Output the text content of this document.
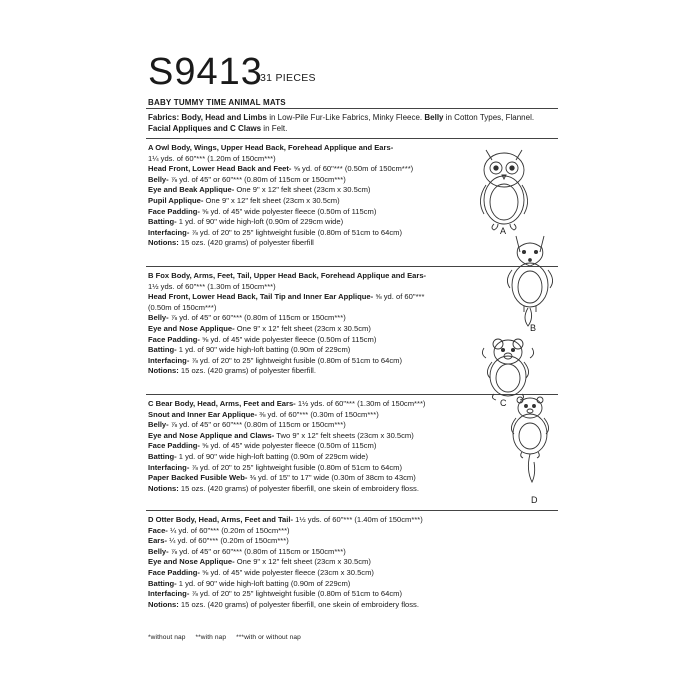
S9413
31 PIECES
BABY TUMMY TIME ANIMAL MATS
Fabrics: Body, Head and Limbs in Low-Pile Fur-Like Fabrics, Minky Fleece. Belly in Cotton Types, Flannel. Facial Appliques and C Claws in Felt.
A Owl Body, Wings, Upper Head Back, Forehead Applique and Ears-
1¼ yds. of 60"*** (1.20m of 150cm***)
Head Front, Lower Head Back and Feet- ⅝ yd. of 60"*** (0.50m of 150cm***)
Belly- ⅞ yd. of 45" or 60"*** (0.80m of 115cm or 150cm***)
Eye and Beak Applique- One 9" x 12" felt sheet (23cm x 30.5cm)
Pupil Applique- One 9" x 12" felt sheet (23cm x 30.5cm)
Face Padding- ⅝ yd. of 45" wide polyester fleece (0.50m of 115cm)
Batting- 1 yd. of 90" wide high-loft (0.90m of 229cm wide)
Interfacing- ⅞ yd. of 20" to 25" lightweight fusible (0.80m of 51cm to 64cm)
Notions: 15 ozs. (420 grams) of polyester fiberfill
B Fox Body, Arms, Feet, Tail, Upper Head Back, Forehead Applique and Ears-
1½ yds. of 60"*** (1.30m of 150cm***)
Head Front, Lower Head Back, Tail Tip and Inner Ear Applique- ⅝ yd. of 60"***
(0.50m of 150cm***)
Belly- ⅞ yd. of 45" or 60"*** (0.80m of 115cm or 150cm***)
Eye and Nose Applique- One 9" x 12" felt sheet (23cm x 30.5cm)
Face Padding- ⅝ yd. of 45" wide polyester fleece (0.50m of 115cm)
Batting- 1 yd. of 90" wide high-loft batting (0.90m of 229cm)
Interfacing- ⅞ yd. of 20" to 25" lightweight fusible (0.80m of 51cm to 64cm)
Notions: 15 ozs. (420 grams) of polyester fiberfill.
C Bear Body, Head, Arms, Feet and Ears- 1½ yds. of 60"*** (1.30m of 150cm***)
Snout and Inner Ear Applique- ⅜ yd. of 60"*** (0.30m of 150cm***)
Belly- ⅞ yd. of 45" or 60"*** (0.80m of 115cm or 150cm***)
Eye and Nose Applique and Claws- Two 9" x 12" felt sheets (23cm x 30.5cm)
Face Padding- ⅝ yd. of 45" wide polyester fleece (0.50m of 115cm)
Batting- 1 yd. of 90" wide high-loft batting (0.90m of 229cm wide)
Interfacing- ⅞ yd. of 20" to 25" lightweight fusible (0.80m of 51cm to 64cm)
Paper Backed Fusible Web- ⅜ yd. of 15" to 17" wide (0.30m of 38cm to 43cm)
Notions: 15 ozs. (420 grams) of polyester fiberfill, one skein of embroidery floss.
D Otter Body, Head, Arms, Feet and Tail- 1½ yds. of 60"*** (1.40m of 150cm***)
Face- ¼ yd. of 60"*** (0.20m of 150cm***)
Ears- ¼ yd. of 60"*** (0.20m of 150cm***)
Belly- ⅞ yd. of 45" or 60"*** (0.80m of 115cm or 150cm***)
Eye and Nose Applique- One 9" x 12" felt sheet (23cm x 30.5cm)
Face Padding- ⅝ yd. of 45" wide polyester fleece (23cm x 30.5cm)
Batting- 1 yd. of 90" wide high-loft batting (0.90m of 229cm)
Interfacing- ⅞ yd. of 20" to 25" lightweight fusible (0.80m of 51cm to 64cm)
Notions: 15 ozs. (420 grams) of polyester fiberfill, one skein of embroidery floss.
*without nap **with nap ***with or without nap
A
B
C
D
